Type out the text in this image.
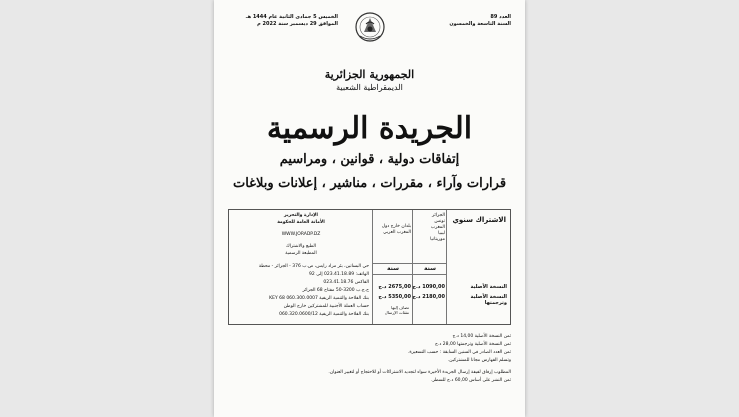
العدد 89
السنة التاسعة والخمسون
الخميس 5 جمادى الثانية عام 1444 هـ
الموافق 29 ديسمبر سنة 2022 م
الجمهورية الجزائرية
الديمقراطية الشعبية
الجريدة الرسمية
إتفاقات دولية ، قوانين ، ومراسيم
قرارات وآراء ، مقررات ، مناشير ، إعلانات وبلاغات
الاشتراك سنوي
النسخة الأصلية
النسخة الأصلية وترجمتها
الجزائر
تونس
المغرب
ليبيا
موريتانيا
سنة
1090,00 د.ج
2180,00 د.ج
بلدان خارج دول
المغرب العربي
سنة
2675,00 د.ج
5350,00 د.ج
تضاف إليها
نفقات الإرسال
الإدارة والتحرير
الأمانة العامة للحكومة
WWW.JORADP.DZ
الطبع والاشتراك
المطبعة الرسمية
حي البساتين، بئر مراد رايس، ص.ب 376 - الجزائر - محطة
الهاتف: 023.41.18.89 إلى 92
الفاكس 023.41.18.76
ح.ج.ب 3200-50 مفتاح 68 الجزائر
بنك الفلاحة والتنمية الريفية 060.300.0007 68 KEY
حساب العملة الأجنبية للمشتركين خارج الوطن
بنك الفلاحة والتنمية الريفية 060.320.0600/12
ثمن النسخة الأصلية 14,00 د.ج
ثمن النسخة الأصلية وترجمتها 28,00 د.ج
ثمن العدد الصادر في السنين السابقة : حسب التسعيرة.
وتسلم الفهارس مجانا للمشتركين.
المطلوب إرفاق لفيفة إرسال الجريدة الأخيرة سواء لتجديد الاشتراكات أو للاحتجاج أو لتغيير العنوان.
ثمن النشر على أساس 60,00 د.ج للسطر.
